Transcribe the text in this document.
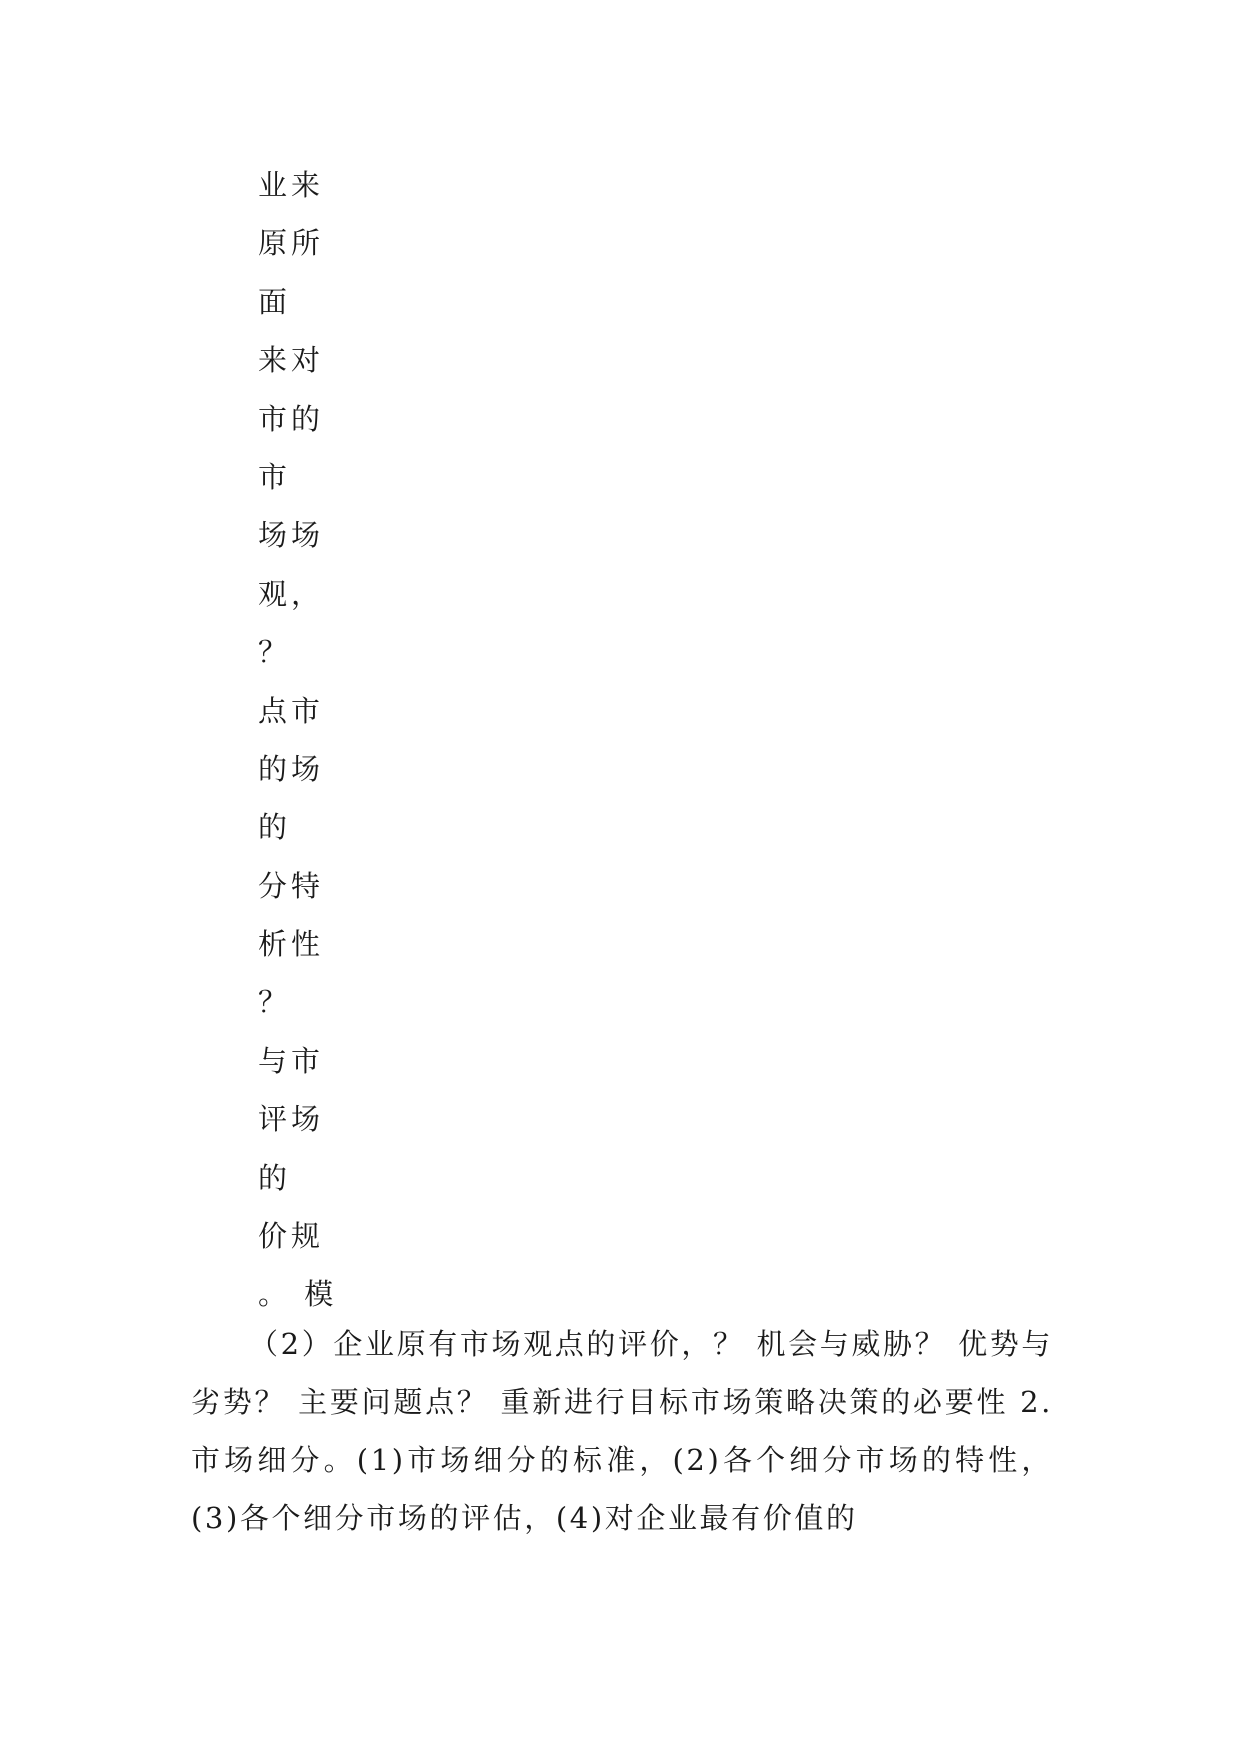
业来
原所
面
来对
市的
市
场场
观，
？
点市
的场
的
分特
析性
？
与市
评场
的
价规
。 模

（2）企业原有市场观点的评价，？ 机会与威胁？ 优势与劣势？ 主要问题点？ 重新进行目标市场策略决策的必要性 2.市场细分。(1)市场细分的标准，(2)各个细分市场的特性，(3)各个细分市场的评估，(4)对企业最有价值的
